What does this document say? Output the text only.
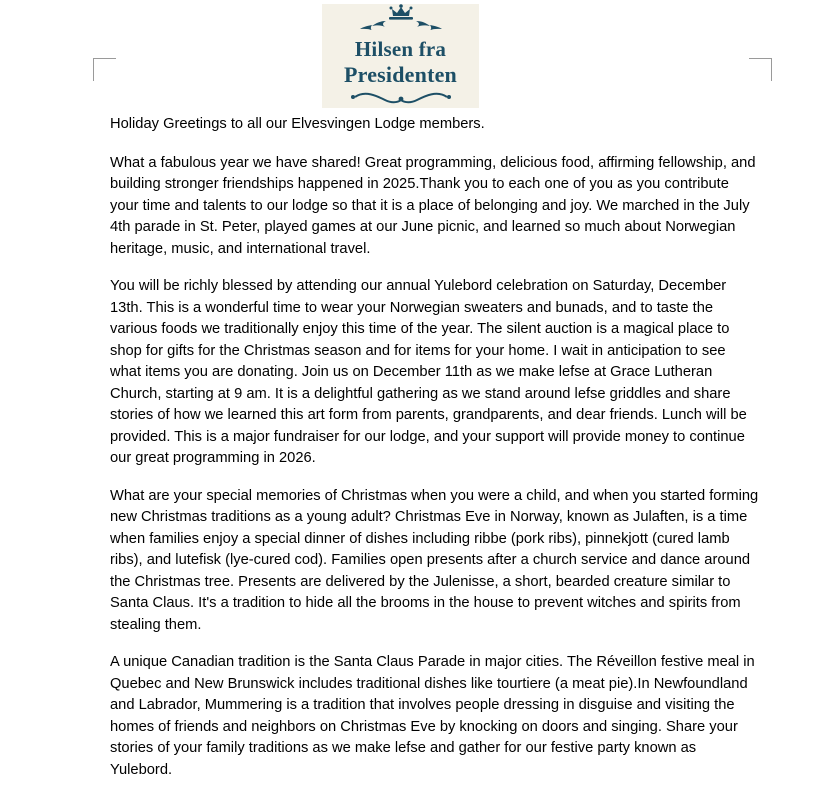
Hilsen fra
Presidenten

Holiday Greetings to all our Elvesvingen Lodge members.

What a fabulous year we have shared! Great programming, delicious food, affirming fellowship, and building stronger friendships happened in 2025.Thank you to each one of you as you contribute your time and talents to our lodge so that it is a place of belonging and joy. We marched in the July 4th parade in St. Peter, played games at our June picnic, and learned so much about Norwegian heritage, music, and international travel.

You will be richly blessed by attending our annual Yulebord celebration on Saturday, December 13th. This is a wonderful time to wear your Norwegian sweaters and bunads, and to taste the various foods we traditionally enjoy this time of the year. The silent auction is a magical place to shop for gifts for the Christmas season and for items for your home. I wait in anticipation to see what items you are donating. Join us on December 11th as we make lefse at Grace Lutheran Church, starting at 9 am. It is a delightful gathering as we stand around lefse griddles and share stories of how we learned this art form from parents, grandparents, and dear friends. Lunch will be provided. This is a major fundraiser for our lodge, and your support will provide money to continue our great programming in 2026.

What are your special memories of Christmas when you were a child, and when you started forming new Christmas traditions as a young adult? Christmas Eve in Norway, known as Julaften, is a time when families enjoy a special dinner of dishes including ribbe (pork ribs), pinnekjott (cured lamb ribs), and lutefisk (lye-cured cod). Families open presents after a church service and dance around the Christmas tree. Presents are delivered by the Julenisse, a short, bearded creature similar to Santa Claus. It's a tradition to hide all the brooms in the house to prevent witches and spirits from stealing them.

A unique Canadian tradition is the Santa Claus Parade in major cities. The Réveillon festive meal in Quebec and New Brunswick includes traditional dishes like tourtiere (a meat pie).In Newfoundland and Labrador, Mummering is a tradition that involves people dressing in disguise and visiting the homes of friends and neighbors on Christmas Eve by knocking on doors and singing. Share your stories of your family traditions as we make lefse and gather for our festive party known as Yulebord.
